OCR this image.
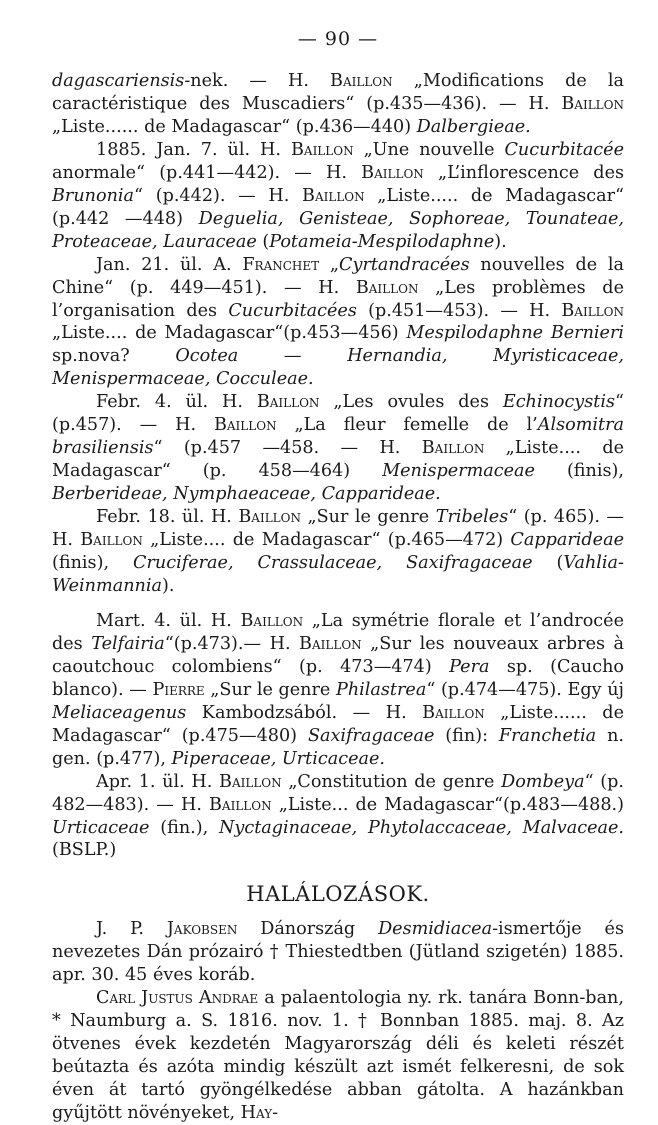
— 90 —
dagascariensis-nek. — H. Baillon „Modifications de la caractéristique des Muscadiers“ (p.435—436). — H. Baillon „Liste...... de Madagascar“ (p.436—440) Dalbergieae.
1885. Jan. 7. ül. H. Baillon „Une nouvelle Cucurbitacée anormale“ (p.441—442). — H. Baillon „L’inflorescence des Brunonia“ (p.442). — H. Baillon „Liste..... de Madagascar“ (p.442 —448) Deguelia, Genisteae, Sophoreae, Tounateae, Proteaceae, Lauraceae (Potameia-Mespilodaphne).
Jan. 21. ül. A. Franchet „Cyrtandracées nouvelles de la Chine“ (p. 449—451). — H. Baillon „Les problèmes de l’organisation des Cucurbitacées (p.451—453). — H. Baillon „Liste.... de Madagascar“(p.453—456) Mespilodaphne Bernieri sp.nova? Ocotea — Hernandia, Myristicaceae, Menispermaceae, Cocculeae.
Febr. 4. ül. H. Baillon „Les ovules des Echinocystis“ (p.457). — H. Baillon „La fleur femelle de l’Alsomitra brasiliensis“ (p.457 —458. — H. Baillon „Liste.... de Madagascar“ (p. 458—464) Menispermaceae (finis), Berberideae, Nymphaeaceae, Capparideae.
Febr. 18. ül. H. Baillon „Sur le genre Tribeles“ (p. 465). — H. Baillon „Liste.... de Madagascar“ (p.465—472) Capparideae (finis), Cruciferae, Crassulaceae, Saxifragaceae (Vahlia-Weinmannia).
Mart. 4. ül. H. Baillon „La symétrie florale et l’androcée des Telfairia“(p.473).— H. Baillon „Sur les nouveaux arbres à caoutchouc colombiens“ (p. 473—474) Pera sp. (Caucho blanco). — Pierre „Sur le genre Philastrea“ (p.474—475). Egy új Meliaceagenus Kambodzsából. — H. Baillon „Liste...... de Madagascar“ (p.475—480) Saxifragaceae (fin): Franchetia n. gen. (p.477), Piperaceae, Urticaceae.
Apr. 1. ül. H. Baillon „Constitution de genre Dombeya“ (p. 482—483). — H. Baillon „Liste... de Madagascar“(p.483—488.) Urticaceae (fin.), Nyctaginaceae, Phytolaccaceae, Malvaceae. (BSLP.)
HALÁLOZÁSOK.
J. P. Jakobsen Dánország Desmidiacea-ismertője és nevezetes Dán prózairó † Thiestedtben (Jütland szigetén) 1885. apr. 30. 45 éves koráb.
Carl Justus Andrae a palaentologia ny. rk. tanára Bonn-ban, * Naumburg a. S. 1816. nov. 1. † Bonnban 1885. maj. 8. Az ötvenes évek kezdetén Magyarország déli és keleti részét beútazta és azóta mindig készült azt ismét felkeresni, de sok éven át tartó gyöngélkedése abban gátolta. A hazánkban gyűjtött növényeket, Hay-
